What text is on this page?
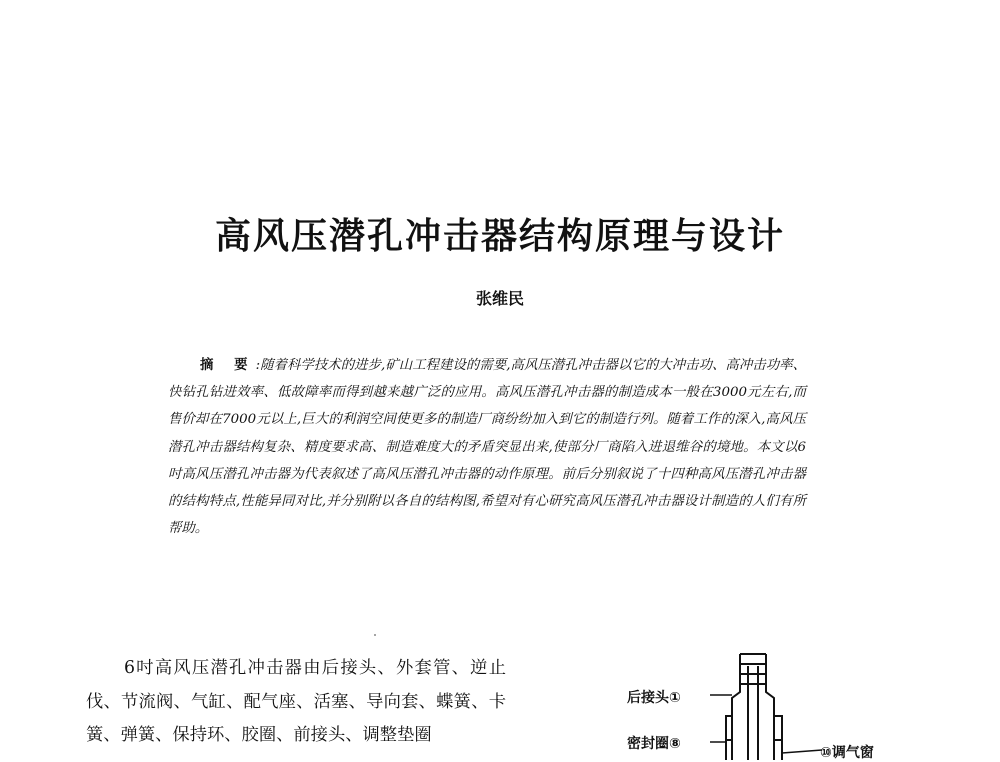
高风压潜孔冲击器结构原理与设计
张维民

摘 要:随着科学技术的进步,矿山工程建设的需要,高风压潜孔冲击器以它的大冲击功、高冲击功率、快钻孔钻进效率、低故障率而得到越来越广泛的应用。高风压潜孔冲击器的制造成本一般在3000元左右,而售价却在7000元以上,巨大的利润空间使更多的制造厂商纷纷加入到它的制造行列。随着工作的深入,高风压潜孔冲击器结构复杂、精度要求高、制造难度大的矛盾突显出来,使部分厂商陷入进退维谷的境地。本文以6吋高风压潜孔冲击器为代表叙述了高风压潜孔冲击器的动作原理。前后分别叙说了十四种高风压潜孔冲击器的结构特点,性能异同对比,并分别附以各自的结构图,希望对有心研究高风压潜孔冲击器设计制造的人们有所帮助。

6吋高风压潜孔冲击器由后接头、外套管、逆止伐、节流阀、气缸、配气座、活塞、导向套、蝶簧、卡簧、弹簧、保持环、胶圈、前接头、调整垫圈

后接头①
密封圈⑧
⑩调气窗
